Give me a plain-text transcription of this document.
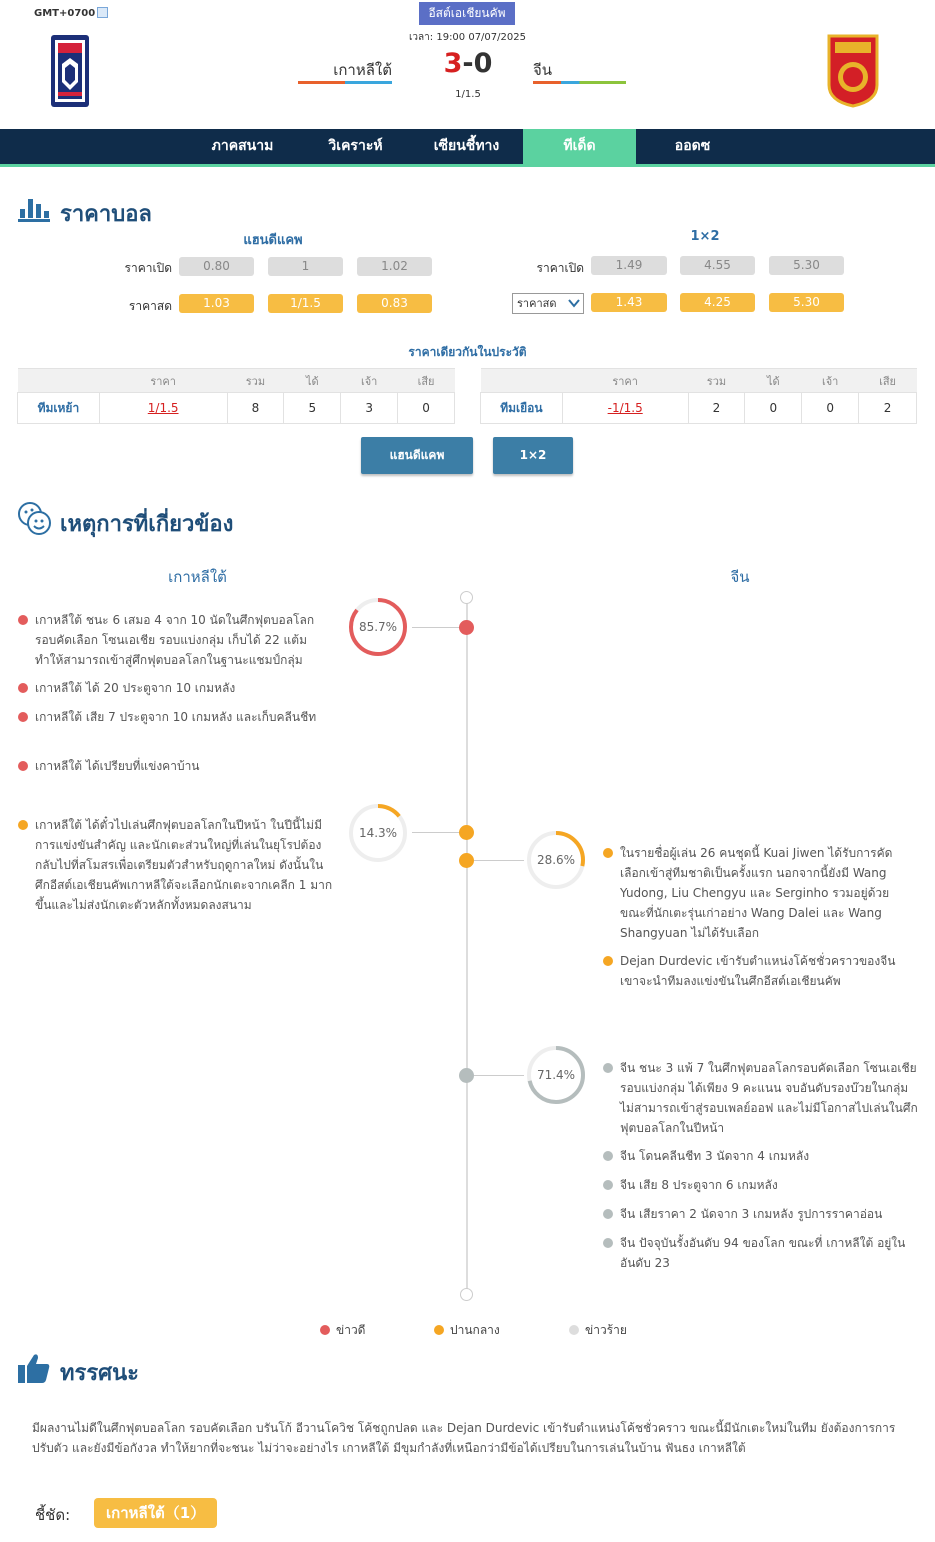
GMT+0700	อีสต์เอเชียนคัพ
เวลา: 19:00 07/07/2025
เกาหลีใต้	3-0
1/1.5
จีน
ภาคสนาม	วิเคราะห์	เซียนชี้ทาง	ทีเด็ด	ออดซ
ราคาบอล
แฮนดีแคพ	1×2
ราคาเปิด	0.80	1	1.02
ราคาสด	1.03	1/1.5	0.83
ราคาเปิด	1.49	4.55	5.30
ราคาสด	1.43	4.25	5.30
ราคาเดียวกันในประวัติ
	ราคา	รวม	ได้	เจ้า	เสีย
ทีมเหย้า	1/1.5	8	5	3	0
	ราคา	รวม	ได้	เจ้า	เสีย
ทีมเยือน	-1/1.5	2	0	0	2
แฮนดีแคพ	1×2
เหตุการที่เกี่ยวข้อง
เกาหลีใต้	จีน
เกาหลีใต้ ชนะ 6 เสมอ 4 จาก 10 นัดในศึกฟุตบอลโลก รอบคัดเลือก โซนเอเชีย รอบแบ่งกลุ่ม เก็บได้ 22 แต้ม ทำให้สามารถเข้าสู่ศึกฟุตบอลโลกในฐานะแชมป์กลุ่ม
เกาหลีใต้ ได้ 20 ประตูจาก 10 เกมหลัง
เกาหลีใต้ เสีย 7 ประตูจาก 10 เกมหลัง และเก็บคลีนชีท
เกาหลีใต้ ได้เปรียบที่แข่งคาบ้าน
85.7%
เกาหลีใต้ ได้ตั๋วไปเล่นศึกฟุตบอลโลกในปีหน้า ในปีนี้ไม่มีการแข่งขันสำคัญ และนักเตะส่วนใหญ่ที่เล่นในยุโรปต้องกลับไปที่สโมสรเพื่อเตรียมตัวสำหรับฤดูกาลใหม่ ดังนั้นในศึกอีสต์เอเชียนคัพเกาหลีใต้จะเลือกนักเตะจากเคลีก 1 มากขึ้นและไม่ส่งนักเตะตัวหลักทั้งหมดลงสนาม
14.3%
28.6%	ในรายชื่อผู้เล่น 26 คนชุดนี้ Kuai Jiwen ได้รับการคัดเลือกเข้าสู่ทีมชาติเป็นครั้งแรก นอกจากนี้ยังมี Wang Yudong, Liu Chengyu และ Serginho รวมอยู่ด้วย ขณะที่นักเตะรุ่นเก่าอย่าง Wang Dalei และ Wang Shangyuan ไม่ได้รับเลือก
Dejan Durdevic เข้ารับตำแหน่งโค้ชชั่วคราวของจีน เขาจะนำทีมลงแข่งขันในศึกอีสต์เอเชียนคัพ
71.4%	จีน ชนะ 3 แพ้ 7 ในศึกฟุตบอลโลกรอบคัดเลือก โซนเอเชีย รอบแบ่งกลุ่ม ได้เพียง 9 คะแนน จบอันดับรองบ๊วยในกลุ่ม ไม่สามารถเข้าสู่รอบเพลย์ออฟ และไม่มีโอกาสไปเล่นในศึกฟุตบอลโลกในปีหน้า
จีน โดนคลีนชีท 3 นัดจาก 4 เกมหลัง
จีน เสีย 8 ประตูจาก 6 เกมหลัง
จีน เสียราคา 2 นัดจาก 3 เกมหลัง รูปการราคาอ่อน
จีน ปัจจุบันรั้งอันดับ 94 ของโลก ขณะที่ เกาหลีใต้ อยู่ในอันดับ 23
ข่าวดี	ปานกลาง	ข่าวร้าย
ทรรศนะ
มีผลงานไม่ดีในศึกฟุตบอลโลก รอบคัดเลือก บรันโก้ อีวานโควิช โค้ชถูกปลด และ Dejan Durdevic เข้ารับตำแหน่งโค้ชชั่วคราว ขณะนี้มีนักเตะใหม่ในทีม ยังต้องการการปรับตัว และยังมีข้อกังวล ทำให้ยากที่จะชนะ ไม่ว่าจะอย่างไร เกาหลีใต้ มีขุมกำลังที่เหนือกว่ามีข้อได้เปรียบในการเล่นในบ้าน ฟันธง เกาหลีใต้
ชี้ชัด:	เกาหลีใต้（1）
